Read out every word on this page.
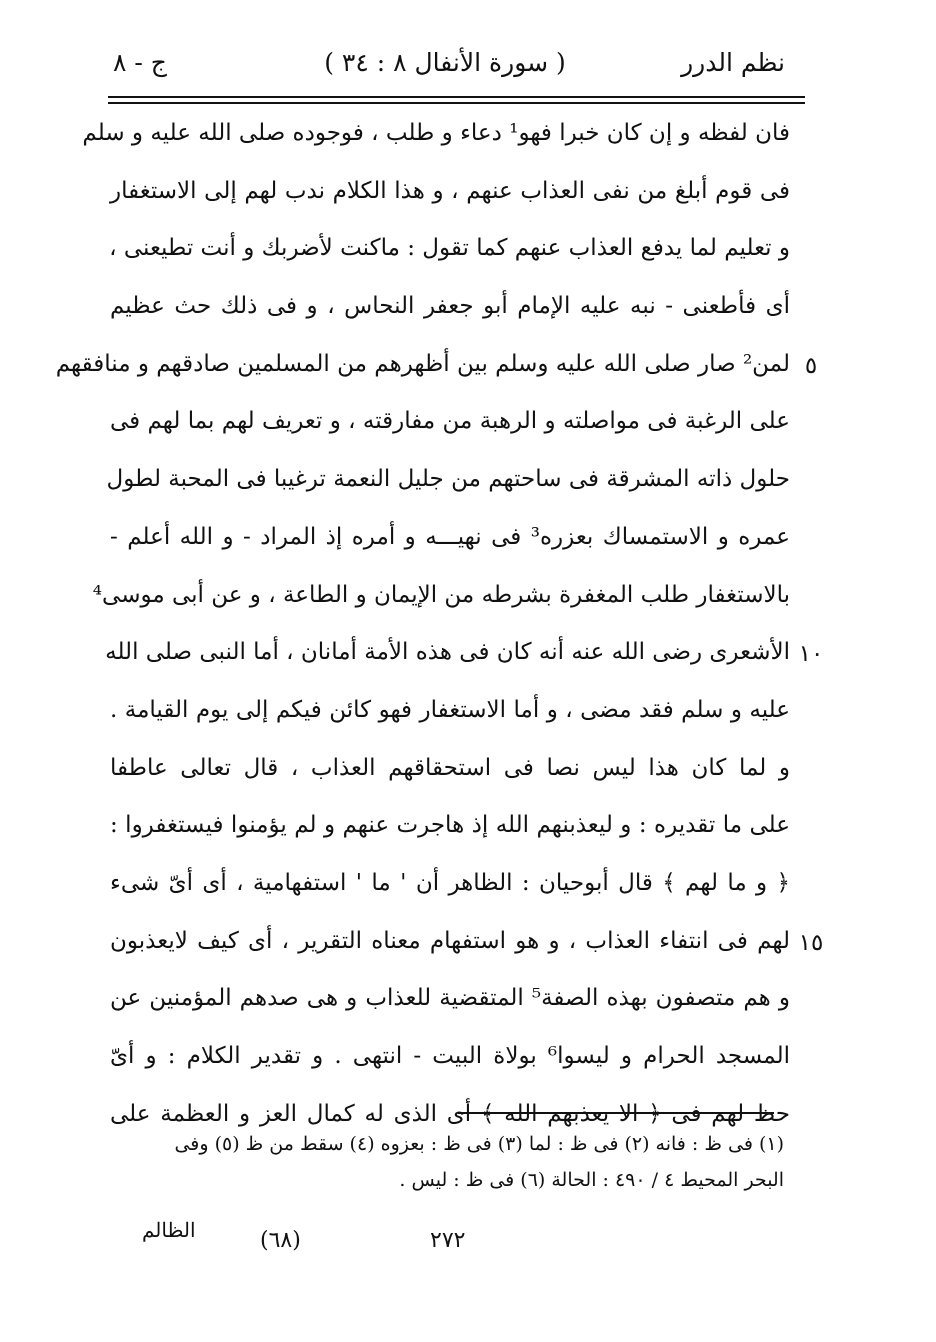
نظم الدرر
( سورة الأنفال ٨ : ٣٤ )
ج - ٨
فان لفظه و إن كان خبرا فهو¹ دعاء و طلب ، فوجوده صلى الله عليه و سلم
فى قوم أبلغ من نفى العذاب عنهم ، و هذا الكلام ندب لهم إلى الاستغفار
و تعليم لما يدفع العذاب عنهم كما تقول : ماكنت لأضربك و أنت تطيعنى ،
أى فأطعنى - نبه عليه الإمام أبو جعفر النحاس ، و فى ذلك حث عظيم
٥
لمن² صار صلى الله عليه وسلم بين أظهرهم من المسلمين صادقهم و منافقهم
على الرغبة فى مواصلته و الرهبة من مفارقته ، و تعريف لهم بما لهم فى
حلول ذاته المشرقة فى ساحتهم من جليل النعمة ترغيبا فى المحبة لطول
عمره و الاستمساك بعزره³ فى نهيـــه و أمره إذ المراد - و الله أعلم -
بالاستغفار طلب المغفرة بشرطه من الإيمان و الطاعة ، و عن أبى موسى⁴
١٠
الأشعرى رضى الله عنه أنه كان فى هذه الأمة أمانان ، أما النبى صلى الله
عليه و سلم فقد مضى ، و أما الاستغفار فهو كائن فيكم إلى يوم القيامة .
و لما كان هذا ليس نصا فى استحقاقهم العذاب ، قال تعالى عاطفا
على ما تقديره : و ليعذبنهم الله إذ هاجرت عنهم و لم يؤمنوا فيستغفروا :
﴿ و ما لهم ﴾ قال أبوحيان : الظاهر أن ' ما ' استفهامية ، أى أىّ شىء
١٥
لهم فى انتفاء العذاب ، و هو استفهام معناه التقرير ، أى كيف لايعذبون
و هم متصفون بهذه الصفة⁵ المتقضية للعذاب و هى صدهم المؤمنين عن
المسجد الحرام و ليسوا⁶ بولاة البيت - انتهى . و تقدير الكلام : و أىّ
حظ لهم فى ﴿ الا يعذبهم الله ﴾ أى الذى له كمال العز و العظمة على
(١) فى ظ : فانه (٢) فى ظ : لما (٣) فى ظ : بعزوه (٤) سقط من ظ (٥) وفى
البحر المحيط ٤ / ٤٩٠ : الحالة (٦) فى ظ : ليس .
٢٧٢
(٦٨)
الظالم
